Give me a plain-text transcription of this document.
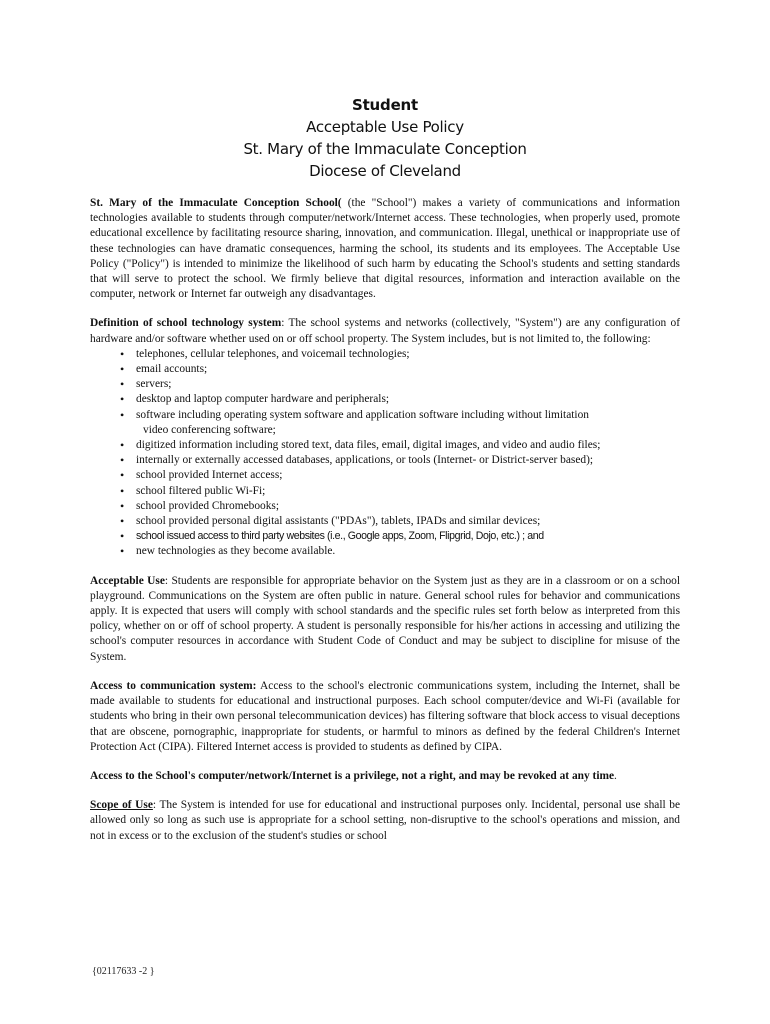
Student
Acceptable Use Policy
St. Mary of the Immaculate Conception
Diocese of Cleveland

St. Mary of the Immaculate Conception School( (the "School") makes a variety of communications and information technologies available to students through computer/network/Internet access. These technologies, when properly used, promote educational excellence by facilitating resource sharing, innovation, and communication. Illegal, unethical or inappropriate use of these technologies can have dramatic consequences, harming the school, its students and its employees. The Acceptable Use Policy ("Policy") is intended to minimize the likelihood of such harm by educating the School's students and setting standards that will serve to protect the school. We firmly believe that digital resources, information and interaction available on the computer, network or Internet far outweigh any disadvantages.

Definition of school technology system: The school systems and networks (collectively, "System") are any configuration of hardware and/or software whether used on or off school property. The System includes, but is not limited to, the following:

• telephones, cellular telephones, and voicemail technologies;
• email accounts;
• servers;
• desktop and laptop computer hardware and peripherals;
• software including operating system software and application software including without limitation
video conferencing software;
• digitized information including stored text, data files, email, digital images, and video and audio files;
• internally or externally accessed databases, applications, or tools (Internet- or District-server based);
• school provided Internet access;
• school filtered public Wi-Fi;
• school provided Chromebooks;
• school provided personal digital assistants ("PDAs"), tablets, IPADs and similar devices;
• school issued access to third party websites (i.e., Google apps, Zoom, Flipgrid, Dojo, etc.) ; and
• new technologies as they become available.

Acceptable Use: Students are responsible for appropriate behavior on the System just as they are in a classroom or on a school playground. Communications on the System are often public in nature. General school rules for behavior and communications apply. It is expected that users will comply with school standards and the specific rules set forth below as interpreted from this policy, whether on or off of school property. A student is personally responsible for his/her actions in accessing and utilizing the school's computer resources in accordance with Student Code of Conduct and may be subject to discipline for misuse of the System.

Access to communication system: Access to the school's electronic communications system, including the Internet, shall be made available to students for educational and instructional purposes. Each school computer/device and Wi-Fi (available for students who bring in their own personal telecommunication devices) has filtering software that block access to visual deceptions that are obscene, pornographic, inappropriate for students, or harmful to minors as defined by the federal Children's Internet Protection Act (CIPA). Filtered Internet access is provided to students as defined by CIPA.

Access to the School's computer/network/Internet is a privilege, not a right, and may be revoked at any time.

Scope of Use: The System is intended for use for educational and instructional purposes only. Incidental, personal use shall be allowed only so long as such use is appropriate for a school setting, non-disruptive to the school's operations and mission, and not in excess or to the exclusion of the student's studies or school

{02117633 -2 }
